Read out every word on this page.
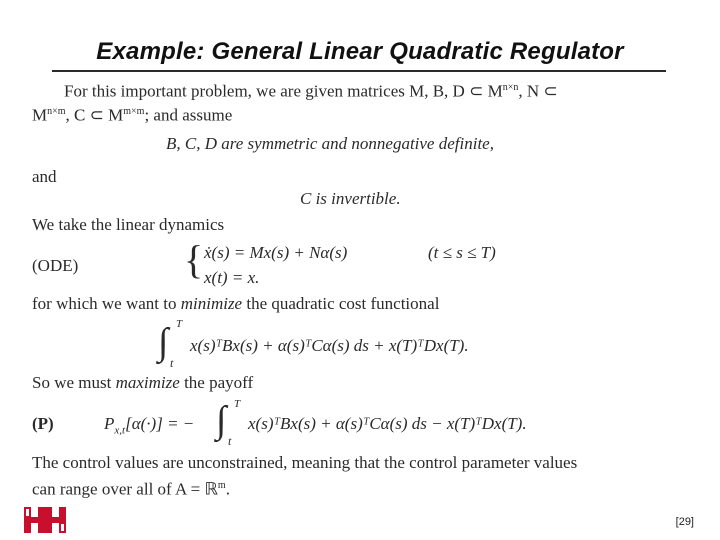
Example: General Linear Quadratic Regulator
For this important problem, we are given matrices M, B, D ⊂ $M^{n\times n}$, N ⊂
$M^{n\times m}$, C ⊂ $M^{m\times m}$; and assume
B, C, D are symmetric and nonnegative definite,
and
C is invertible.
We take the linear dynamics
(ODE)	{ ẋ(s) = Mx(s) + Nα(s)	(t ≤ s ≤ T)
x(t) = x.
for which we want to minimize the quadratic cost functional
∫ T
t
x(s)ᵀBx(s) + α(s)ᵀCα(s) ds + x(T)ᵀDx(T).
So we must maximize the payoff
(P)	$P_{x,t}[\alpha(\cdot)]$ = − ∫ T
t
x(s)ᵀBx(s) + α(s)ᵀCα(s) ds − x(T)ᵀDx(T).
The control values are unconstrained, meaning that the control parameter values
can range over all of A = ℝ$^m$.
[29]
